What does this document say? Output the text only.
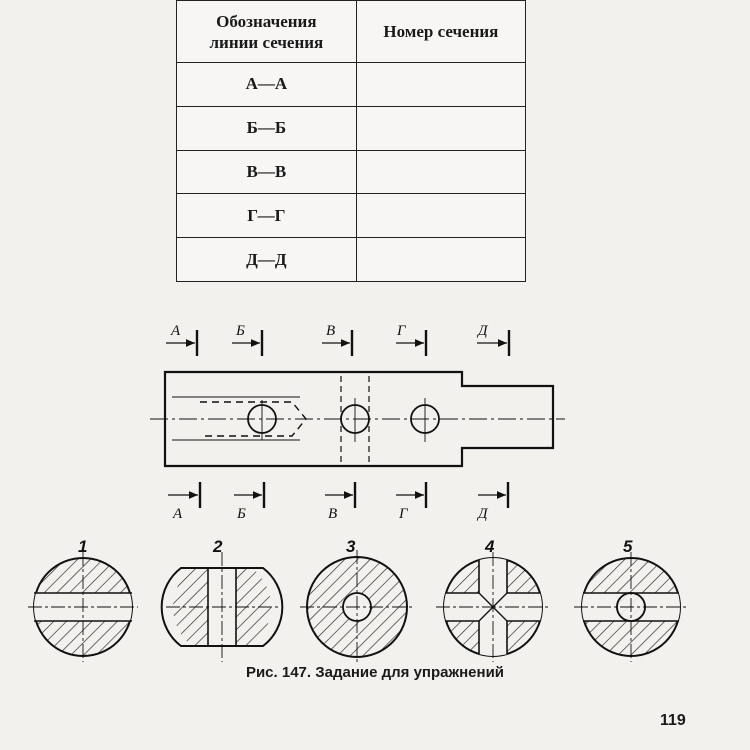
Обозначения
линии сечения	Номер сечения
А—А	
Б—Б	
В—В	
Г—Г	
Д—Д	
А	Б	В	Г	Д
А	Б	В	Г	Д
1	2	3	4	5
Рис. 147. Задание для упражнений
119
